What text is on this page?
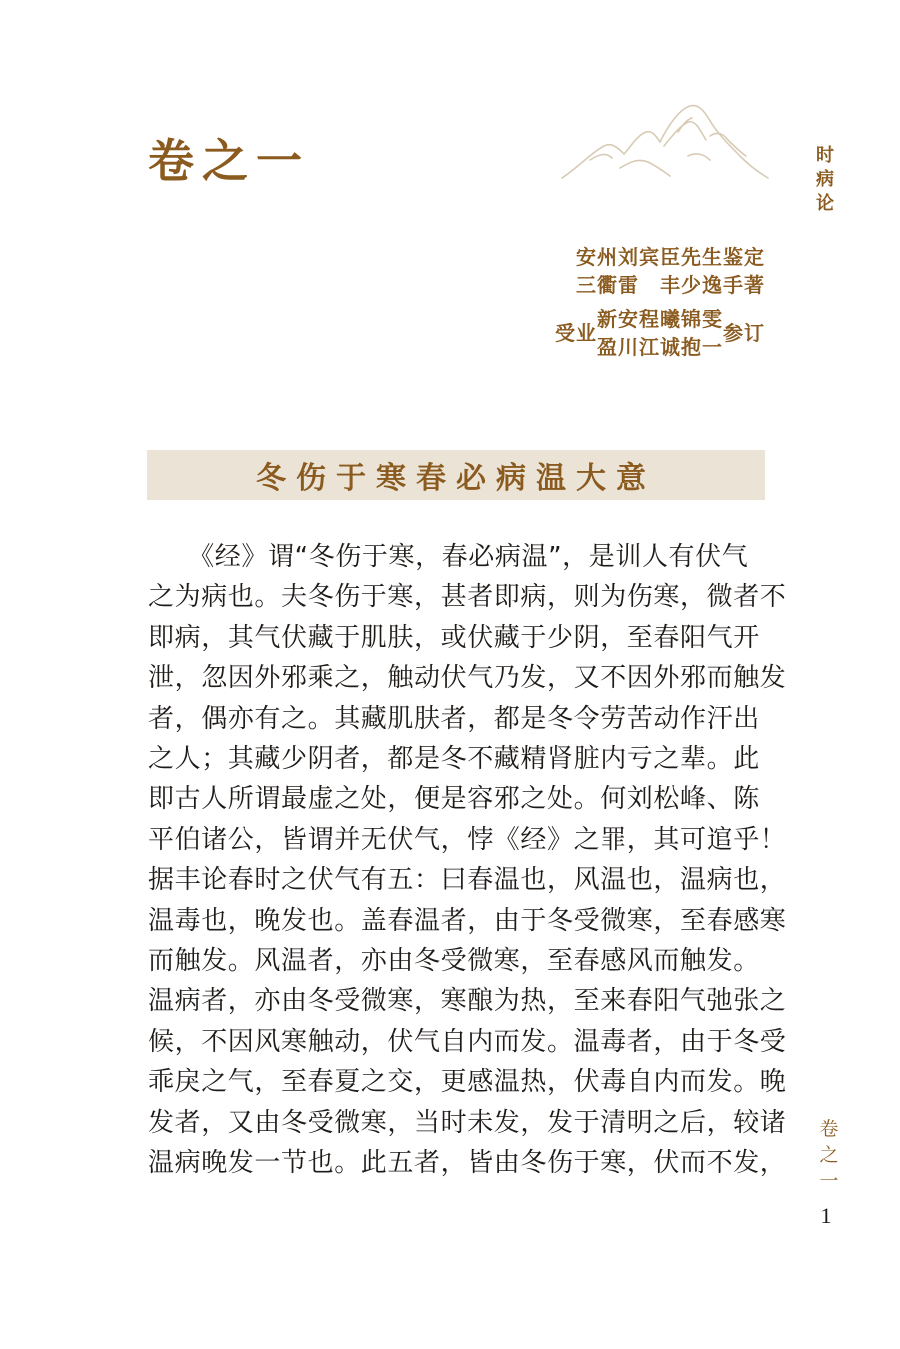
卷之一	时
病
论
安州刘宾臣先生鉴定
三衢雷　丰少逸手著
受业
新安程曦锦雯
盈川江诚抱一
参订
冬伤于寒春必病温大意
　　《经》谓“冬伤于寒，春必病温”，是训人有伏气
之为病也。夫冬伤于寒，甚者即病，则为伤寒，微者不
即病，其气伏藏于肌肤，或伏藏于少阴，至春阳气开
泄，忽因外邪乘之，触动伏气乃发，又不因外邪而触发
者，偶亦有之。其藏肌肤者，都是冬令劳苦动作汗出
之人；其藏少阴者，都是冬不藏精肾脏内亏之辈。此
即古人所谓最虚之处，便是容邪之处。何刘松峰、陈
平伯诸公，皆谓并无伏气，悖《经》之罪，其可逭乎！
据丰论春时之伏气有五：曰春温也，风温也，温病也，
温毒也，晚发也。盖春温者，由于冬受微寒，至春感寒
而触发。风温者，亦由冬受微寒，至春感风而触发。
温病者，亦由冬受微寒，寒酿为热，至来春阳气弛张之
候，不因风寒触动，伏气自内而发。温毒者，由于冬受
乖戾之气，至春夏之交，更感温热，伏毒自内而发。晚
发者，又由冬受微寒，当时未发，发于清明之后，较诸
温病晚发一节也。此五者，皆由冬伤于寒，伏而不发，
卷
之
一
1
